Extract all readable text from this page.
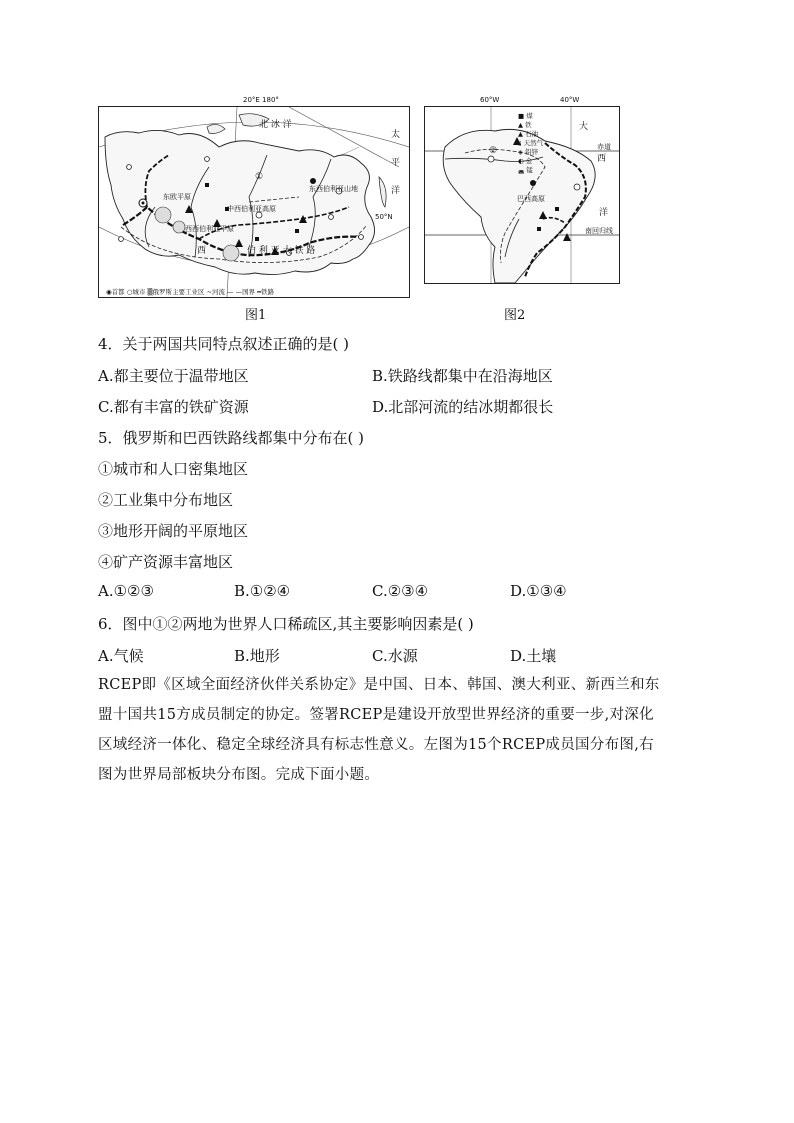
20°E 180°	60°W	40°W
北 冰 洋
太
平
洋
东欧平原
西西伯利亚平原
中西伯利亚高原
东西伯利亚山地
①
50°N
西	伯 利 亚 大 铁 路
◉首都 ○城市 ▒俄罗斯主要工业区 ∼河流 — —国界 ━铁路
图1
大
西
洋
赤道
南回归线
②
巴西高原
图2
■ 煤
▲ 铁
▲ 石油
▯ 天然气
◈ 铅锌
◐ 金
◛ 锰
4．关于两国共同特点叙述正确的是( )
A.都主要位于温带地区	B.铁路线都集中在沿海地区
C.都有丰富的铁矿资源	D.北部河流的结冰期都很长
5．俄罗斯和巴西铁路线都集中分布在( )
①城市和人口密集地区
②工业集中分布地区
③地形开阔的平原地区
④矿产资源丰富地区
A.①②③	B.①②④	C.②③④	D.①③④
6．图中①②两地为世界人口稀疏区,其主要影响因素是( )
A.气候	B.地形	C.水源	D.土壤
RCEP即《区域全面经济伙伴关系协定》是中国、日本、韩国、澳大利亚、新西兰和东
盟十国共15方成员制定的协定。签署RCEP是建设开放型世界经济的重要一步,对深化
区域经济一体化、稳定全球经济具有标志性意义。左图为15个RCEP成员国分布图,右
图为世界局部板块分布图。完成下面小题。
